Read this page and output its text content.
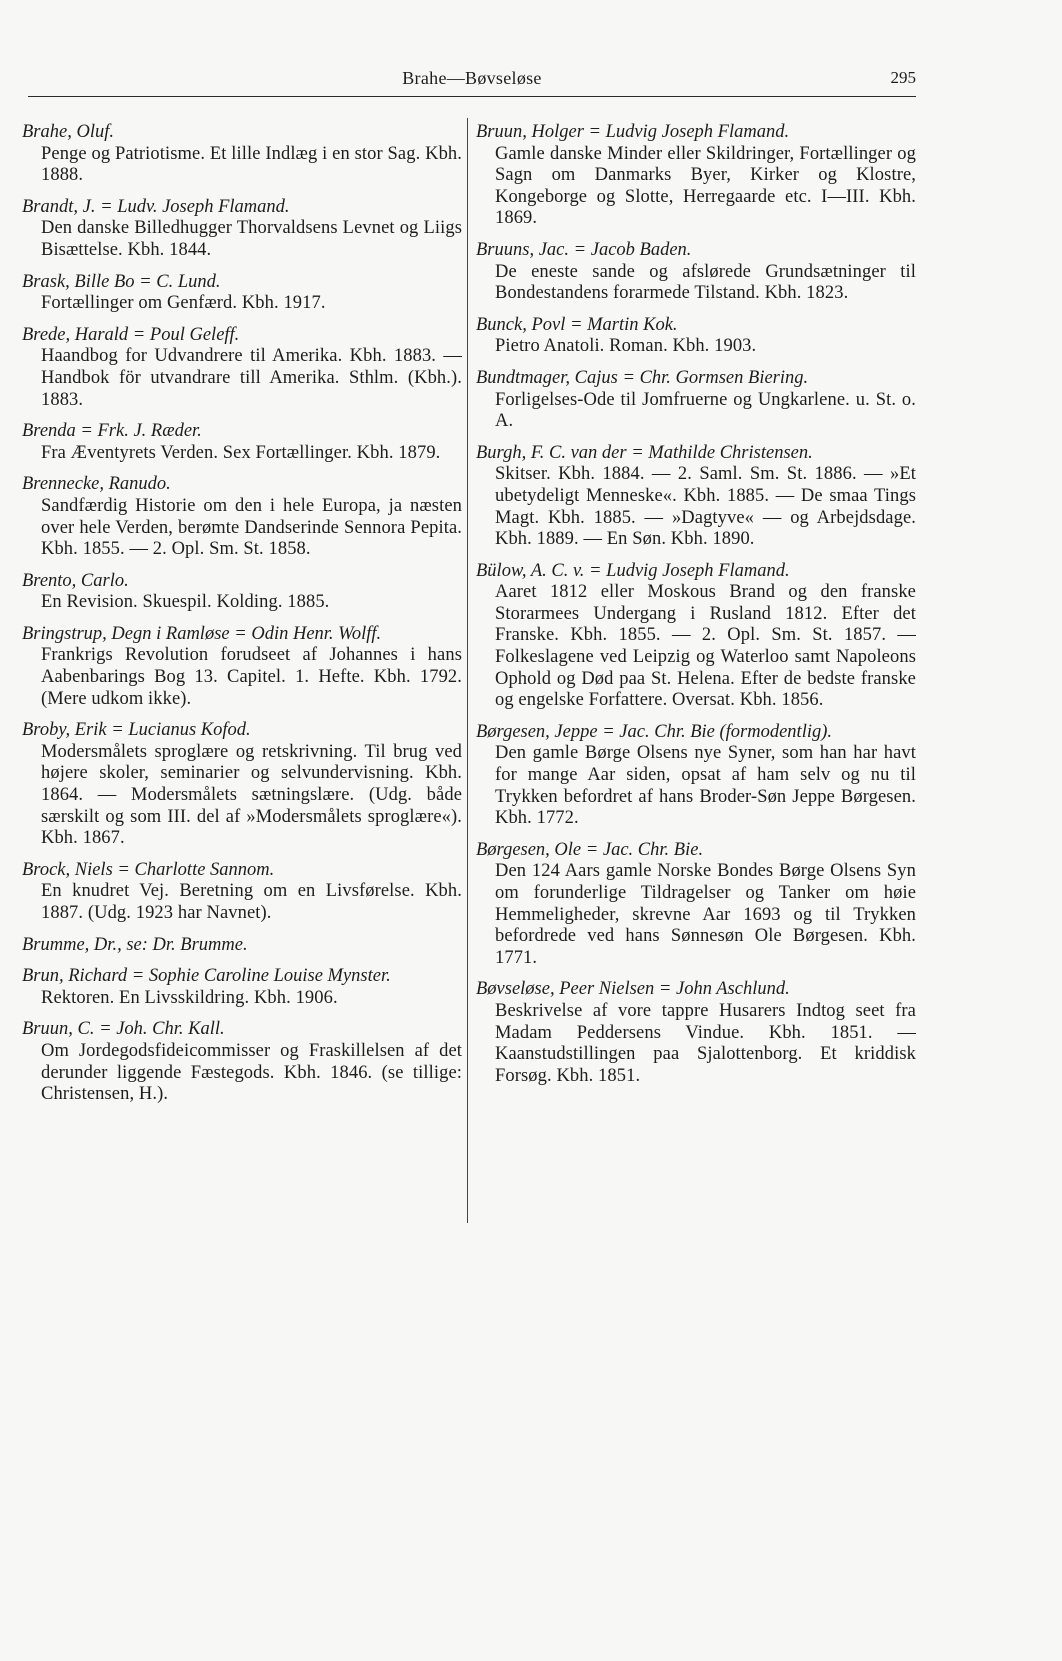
Brahe—Bøvseløse	295
Brahe, Oluf.
Penge og Patriotisme. Et lille Indlæg i en stor Sag. Kbh. 1888.
Brandt, J. = Ludv. Joseph Flamand.
Den danske Billedhugger Thorvaldsens Levnet og Liigs Bisættelse. Kbh. 1844.
Brask, Bille Bo = C. Lund.
Fortællinger om Genfærd. Kbh. 1917.
Brede, Harald = Poul Geleff.
Haandbog for Udvandrere til Amerika. Kbh. 1883. — Handbok för utvandrare till Amerika. Sthlm. (Kbh.). 1883.
Brenda = Frk. J. Ræder.
Fra Æventyrets Verden. Sex Fortællinger. Kbh. 1879.
Brennecke, Ranudo.
Sandfærdig Historie om den i hele Europa, ja næsten over hele Verden, berømte Dandserinde Sennora Pepita. Kbh. 1855. — 2. Opl. Sm. St. 1858.
Brento, Carlo.
En Revision. Skuespil. Kolding. 1885.
Bringstrup, Degn i Ramløse = Odin Henr. Wolff.
Frankrigs Revolution forudseet af Johannes i hans Aabenbarings Bog 13. Capitel. 1. Hefte. Kbh. 1792. (Mere udkom ikke).
Broby, Erik = Lucianus Kofod.
Modersmålets sproglære og retskrivning. Til brug ved højere skoler, seminarier og selvundervisning. Kbh. 1864. — Modersmålets sætningslære. (Udg. både særskilt og som III. del af »Modersmålets sproglære«). Kbh. 1867.
Brock, Niels = Charlotte Sannom.
En knudret Vej. Beretning om en Livsførelse. Kbh. 1887. (Udg. 1923 har Navnet).
Brumme, Dr., se: Dr. Brumme.
Brun, Richard = Sophie Caroline Louise Mynster.
Rektoren. En Livsskildring. Kbh. 1906.
Bruun, C. = Joh. Chr. Kall.
Om Jordegodsfideicommisser og Fraskillelsen af det derunder liggende Fæstegods. Kbh. 1846. (se tillige: Christensen, H.).
Bruun, Holger = Ludvig Joseph Flamand.
Gamle danske Minder eller Skildringer, Fortællinger og Sagn om Danmarks Byer, Kirker og Klostre, Kongeborge og Slotte, Herregaarde etc. I—III. Kbh. 1869.
Bruuns, Jac. = Jacob Baden.
De eneste sande og afslørede Grundsætninger til Bondestandens forarmede Tilstand. Kbh. 1823.
Bunck, Povl = Martin Kok.
Pietro Anatoli. Roman. Kbh. 1903.
Bundtmager, Cajus = Chr. Gormsen Biering.
Forligelses-Ode til Jomfruerne og Ungkarlene. u. St. o. A.
Burgh, F. C. van der = Mathilde Christensen.
Skitser. Kbh. 1884. — 2. Saml. Sm. St. 1886. — »Et ubetydeligt Menneske«. Kbh. 1885. — De smaa Tings Magt. Kbh. 1885. — »Dagtyve« — og Arbejdsdage. Kbh. 1889. — En Søn. Kbh. 1890.
Bülow, A. C. v. = Ludvig Joseph Flamand.
Aaret 1812 eller Moskous Brand og den franske Storarmees Undergang i Rusland 1812. Efter det Franske. Kbh. 1855. — 2. Opl. Sm. St. 1857. — Folkeslagene ved Leipzig og Waterloo samt Napoleons Ophold og Død paa St. Helena. Efter de bedste franske og engelske Forfattere. Oversat. Kbh. 1856.
Børgesen, Jeppe = Jac. Chr. Bie (formodentlig).
Den gamle Børge Olsens nye Syner, som han har havt for mange Aar siden, opsat af ham selv og nu til Trykken befordret af hans Broder-Søn Jeppe Børgesen. Kbh. 1772.
Børgesen, Ole = Jac. Chr. Bie.
Den 124 Aars gamle Norske Bondes Børge Olsens Syn om forunderlige Tildragelser og Tanker om høie Hemmeligheder, skrevne Aar 1693 og til Trykken befordrede ved hans Sønnesøn Ole Børgesen. Kbh. 1771.
Bøvseløse, Peer Nielsen = John Aschlund.
Beskrivelse af vore tappre Husarers Indtog seet fra Madam Peddersens Vindue. Kbh. 1851. — Kaanstudstillingen paa Sjalottenborg. Et kriddisk Forsøg. Kbh. 1851.
